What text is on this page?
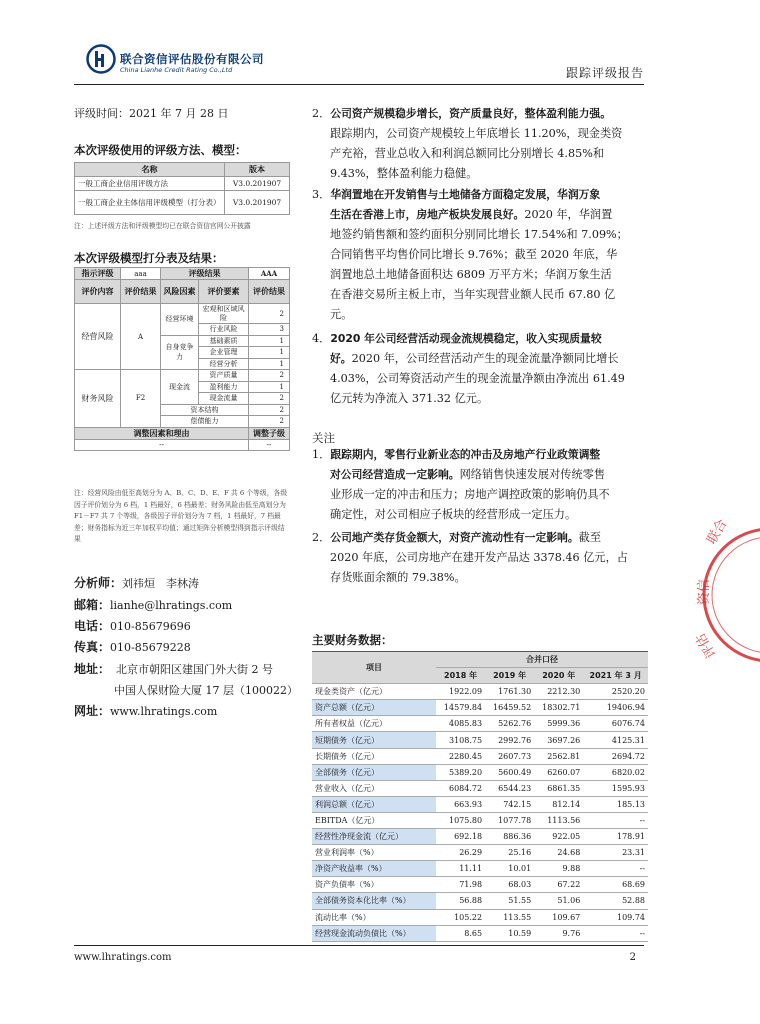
联合资信评估股份有限公司
China Lianhe Credit Rating Co.,Ltd	跟踪评级报告
评级时间：2021 年 7 月 28 日
本次评级使用的评级方法、模型：
名称	版本
一般工商企业信用评级方法	V3.0.201907
一般工商企业主体信用评级模型（打分表）	V3.0.201907
注：上述评级方法和评级模型均已在联合资信官网公开披露
本次评级模型打分表及结果：
指示评级	aaa	评级结果		AAA
评价内容	评价结果	风险因素	评价要素	评价结果
经营风险	A	经营环境	宏观和区域风险	2
			行业风险	3
		自身竞争力	基础素质	1
			企业管理	1
			经营分析	1
财务风险	F2	现金流	资产质量	2
			盈利能力	1
			现金流量	2
		资本结构		2
		偿债能力		2
调整因素和理由				调整子级
--				--
注：经营风险由低至高划分为 A、B、C、D、E、F 共 6 个等级，各级因子评价划分为 6 档，1 档最好，6 档最差；财务风险由低至高划分为 F1－F7 共 7 个等级，各级因子评价划分为 7 档，1 档最好，7 档最差；财务指标为近三年加权平均值；通过矩阵分析模型得到指示评级结果
分析师：刘祎烜　李林涛
邮箱：lianhe@lhratings.com
电话：010-85679696
传真：010-85679228
地址： 北京市朝阳区建国门外大街 2 号
中国人保财险大厦 17 层（100022）
网址：www.lhratings.com
2．公司资产规模稳步增长，资产质量良好，整体盈利能力强。
跟踪期内，公司资产规模较上年底增长 11.20%，现金类资
产充裕，营业总收入和利润总额同比分别增长 4.85%和
9.43%，整体盈利能力稳健。
3．华润置地在开发销售与土地储备方面稳定发展，华润万象
生活在香港上市，房地产板块发展良好。2020 年，华润置
地签约销售额和签约面积分别同比增长 17.54%和 7.09%；
合同销售平均售价同比增长 9.76%；截至 2020 年底，华
润置地总土地储备面积达 6809 万平方米；华润万象生活
在香港交易所主板上市，当年实现营业额人民币 67.80 亿
元。
4．2020 年公司经营活动现金流规模稳定，收入实现质量较
好。2020 年，公司经营活动产生的现金流量净额同比增长
4.03%，公司筹资活动产生的现金流量净额由净流出 61.49
亿元转为净流入 371.32 亿元。
关注
1．跟踪期内，零售行业新业态的冲击及房地产行业政策调整
对公司经营造成一定影响。网络销售快速发展对传统零售
业形成一定的冲击和压力；房地产调控政策的影响仍具不
确定性，对公司相应子板块的经营形成一定压力。
2．公司地产类存货金额大，对资产流动性有一定影响。截至
2020 年底，公司房地产在建开发产品达 3378.46 亿元，占
存货账面余额的 79.38%。
主要财务数据：
项目	合并口径			
	2018 年	2019 年	2020 年	2021 年 3 月
现金类资产（亿元）	1922.09	1761.30	2212.30	2520.20
资产总额（亿元）	14579.84	16459.52	18302.71	19406.94
所有者权益（亿元）	4085.83	5262.76	5999.36	6076.74
短期债务（亿元）	3108.75	2992.76	3697.26	4125.31
长期债务（亿元）	2280.45	2607.73	2562.81	2694.72
全部债务（亿元）	5389.20	5600.49	6260.07	6820.02
营业收入（亿元）	6084.72	6544.23	6861.35	1595.93
利润总额（亿元）	663.93	742.15	812.14	185.13
EBITDA（亿元）	1075.80	1077.78	1113.56	--
经营性净现金流（亿元）	692.18	886.36	922.05	178.91
营业利润率（%）	26.29	25.16	24.68	23.31
净资产收益率（%）	11.11	10.01	9.88	--
资产负债率（%）	71.98	68.03	67.22	68.69
全部债务资本化比率（%）	56.88	51.55	51.06	52.88
流动比率（%）	105.22	113.55	109.67	109.74
经营现金流动负债比（%）	8.65	10.59	9.76	--
www.lhratings.com	2
联合
资信
评估
